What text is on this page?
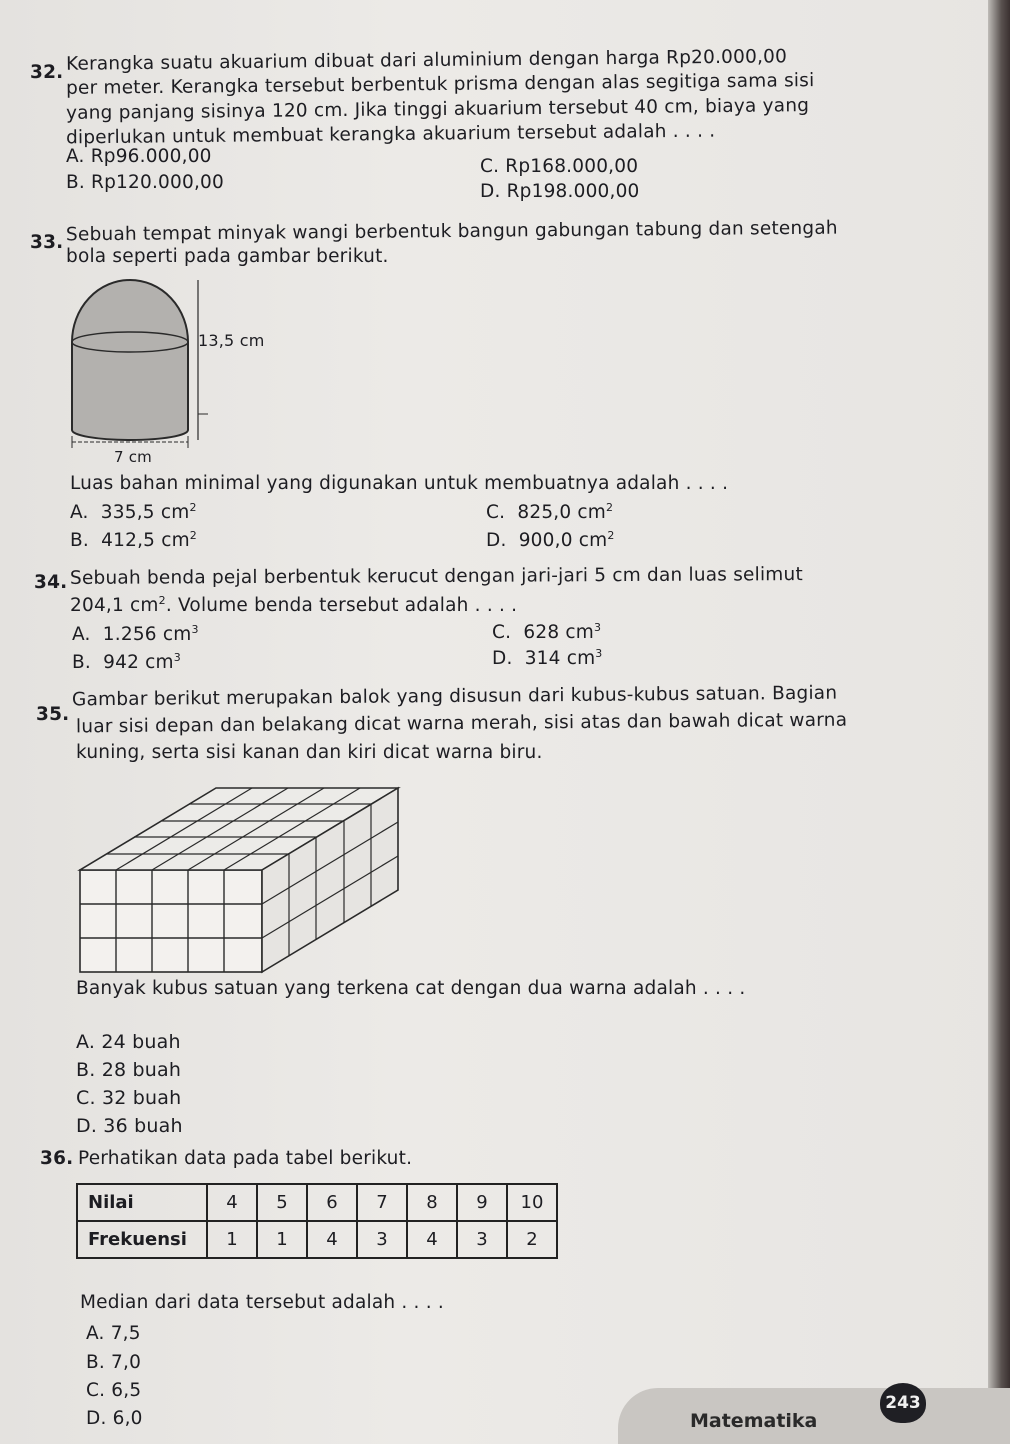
32. Kerangka suatu akuarium dibuat dari aluminium dengan harga Rp20.000,00
per meter. Kerangka tersebut berbentuk prisma dengan alas segitiga sama sisi
yang panjang sisinya 120 cm. Jika tinggi akuarium tersebut 40 cm, biaya yang
diperlukan untuk membuat kerangka akuarium tersebut adalah . . . .
A. Rp96.000,00
B. Rp120.000,00
C. Rp168.000,00
D. Rp198.000,00
33. Sebuah tempat minyak wangi berbentuk bangun gabungan tabung dan setengah
bola seperti pada gambar berikut.
13,5 cm
7 cm
Luas bahan minimal yang digunakan untuk membuatnya adalah . . . .
A. 335,5 $cm^2$
B. 412,5 $cm^2$
C. 825,0 $cm^2$
D. 900,0 $cm^2$
34. Sebuah benda pejal berbentuk kerucut dengan jari-jari 5 cm dan luas selimut
204,1 $cm^2$. Volume benda tersebut adalah . . . .
A. 1.256 $cm^3$
B. 942 $cm^3$
C. 628 $cm^3$
D. 314 $cm^3$
35.
Gambar berikut merupakan balok yang disusun dari kubus-kubus satuan. Bagian
luar sisi depan dan belakang dicat warna merah, sisi atas dan bawah dicat warna
kuning, serta sisi kanan dan kiri dicat warna biru.
Banyak kubus satuan yang terkena cat dengan dua warna adalah . . . .
A. 24 buah
B. 28 buah
C. 32 buah
D. 36 buah
36. Perhatikan data pada tabel berikut.
Nilai	4	5	6	7	8	9	10
Frekuensi	1	1	4	3	4	3	2
Median dari data tersebut adalah . . . .
A. 7,5
B. 7,0
C. 6,5
D. 6,0	Matematika
243
